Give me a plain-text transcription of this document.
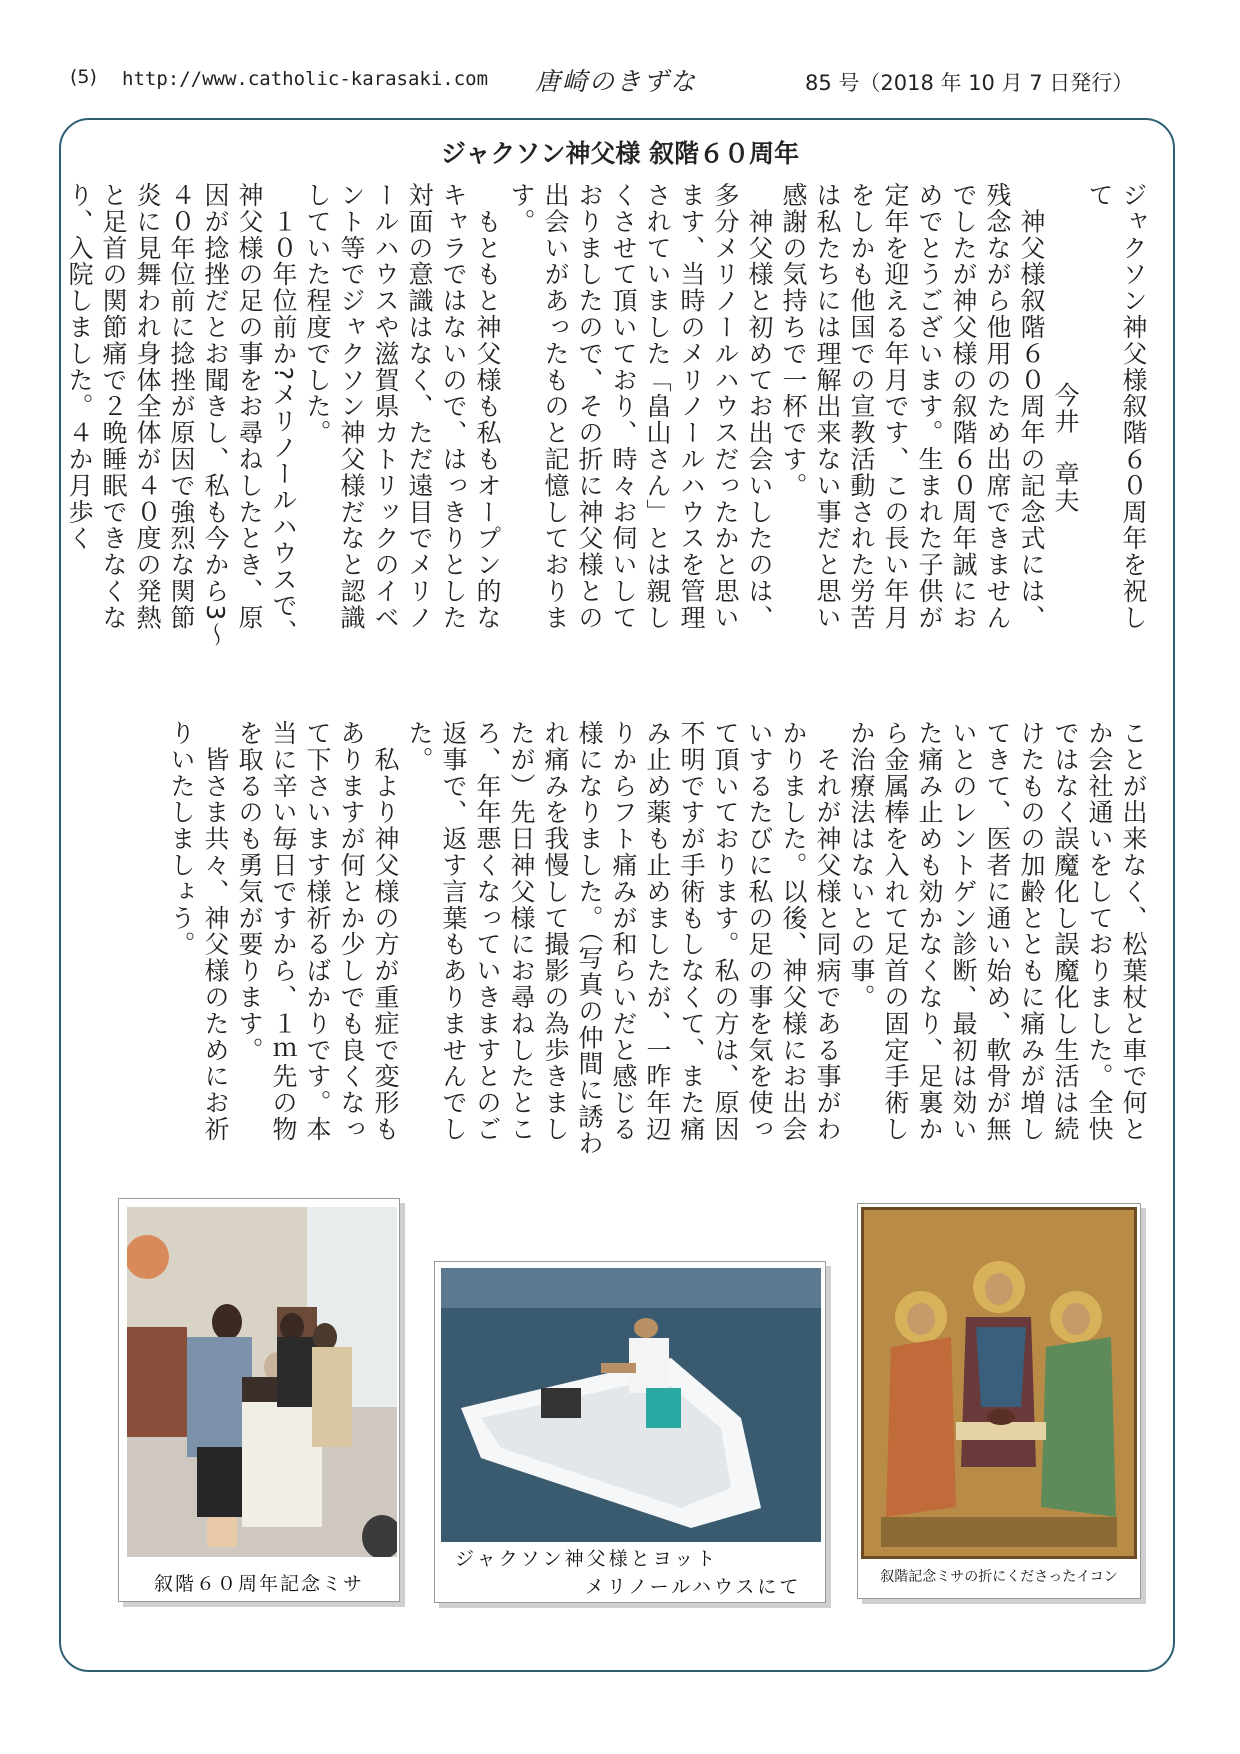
(5) http://www.catholic-karasaki.com 唐崎のきずな	85 号（2018 年 10 月 7 日発行）
ジャクソン神父様 叙階６０周年

ジャクソン神父様叙階６０周年を祝して

今井　章夫

　神父様叙階６０周年の記念式には、残念ながら他用のため出席できませんでしたが神父様の叙階６０周年誠におめでとうございます。生まれた子供が定年を迎える年月です、この長い年月をしかも他国での宣教活動された労苦は私たちには理解出来ない事だと思い感謝の気持ちで一杯です。

　神父様と初めてお出会いしたのは、多分メリノールハウスだったかと思います、当時のメリノールハウスを管理されていました「畠山さん」とは親しくさせて頂いており、時々お伺いしておりましたので、その折に神父様との出会いがあったものと記憶しております。

　もともと神父様も私もオープン的なキャラではないので、はっきりとした対面の意識はなく、ただ遠目でメリノールハウスや滋賀県カトリックのイベント等でジャクソン神父様だなと認識していた程度でした。

　１０年位前か?メリノールハウスで、神父様の足の事をお尋ねしたとき、原因が捻挫だとお聞きし、私も今から3～４０年位前に捻挫が原因で強烈な関節炎に見舞われ身体全体が４０度の発熱と足首の関節痛で２晩睡眠できなくなり、入院しました。４か月歩く

ことが出来なく、松葉杖と車で何とか会社通いをしておりました。全快ではなく誤魔化し誤魔化し生活は続けたものの加齢とともに痛みが増してきて、医者に通い始め、軟骨が無いとのレントゲン診断、最初は効いた痛み止めも効かなくなり、足裏から金属棒を入れて足首の固定手術しか治療法はないとの事。

　それが神父様と同病である事がわかりました。以後、神父様にお出会いするたびに私の足の事を気を使って頂いております。私の方は、原因不明ですが手術もしなくて、また痛み止め薬も止めましたが、一昨年辺りからフト痛みが和らいだと感じる様になりました。（写真の仲間に誘われ痛みを我慢して撮影の為歩きましたが）先日神父様にお尋ねしたところ、年年悪くなっていきますとのご返事で、返す言葉もありませんでした。

　私より神父様の方が重症で変形もありますが何とか少しでも良くなって下さいます様祈るばかりです。本当に辛い毎日ですから、１ｍ先の物を取るのも勇気が要ります。

　皆さま共々、神父様のためにお祈りいたしましょう。

叙階６０周年記念ミサ
ジャクソン神父様とヨット
メリノールハウスにて	叙階記念ミサの折にくださったイコン
